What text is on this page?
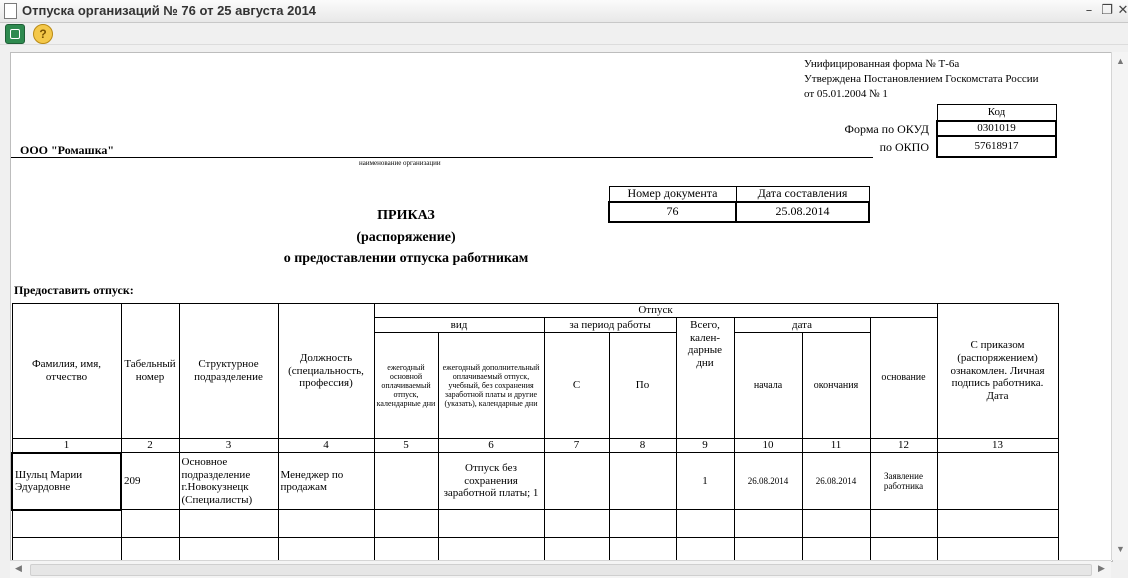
Отпуска организаций № 76 от 25 августа 2014	– ❐ ✕
?
Унифицированная форма № Т-6а
Утверждена Постановлением Госкомстата России
от 05.01.2004 № 1
Код
0301019
57618917
Форма по ОКУД
по ОКПО
ООО "Ромашка"
наименование организации
Номер документа	Дата составления
76	25.08.2014
ПРИКАЗ
(распоряжение)
о предоставлении отпуска работникам
Предоставить отпуск:
Фамилия, имя, отчество	Табельный номер	Структурное подразделение	Должность (специальность, профессия)	Отпуск								С приказом (распоряжением) ознакомлен. Личная подпись работника. Дата
				вид		за период работы		Всего, кален-дарные дни	дата		основание	
				ежегодный основной оплачиваемый отпуск, календарные дни	ежегодный дополнительный оплачиваемый отпуск, учебный, без сохранения заработной платы и другие (указать), календарные дни	С	По		начала	окончания		
1	2	3	4	5	6	7	8	9	10	11	12	13
Шульц Марии Эдуардовне	209	Основное подразделение г.Новокузнецк (Специалисты)	Менеджер по продажам		Отпуск без сохранения заработной платы; 1			1	26.08.2014	26.08.2014	Заявление работника	

▲
▼
◀	▶
